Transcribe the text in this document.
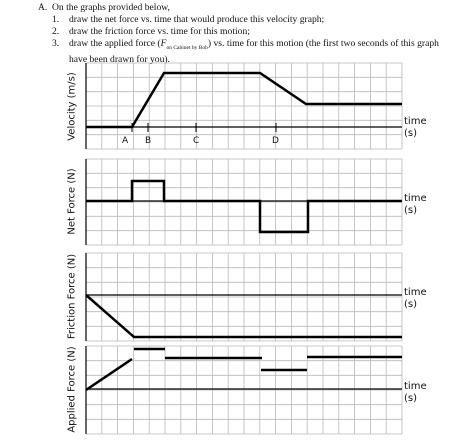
A. On the graphs provided below,
1.	draw the net force vs. time that would produce this velocity graph;
2.	draw the friction force vs. time for this motion;
3.	draw the applied force $(F_{on Cabinet by Bob})$ vs. time for this motion (the first two seconds of this graph
have been drawn for you).
Velocity (m/s)
Net Force (N)
Friction Force (N)
Applied Force (N)
A B	C	D
time
(s)
time
(s)
time
(s)
time
(s)
